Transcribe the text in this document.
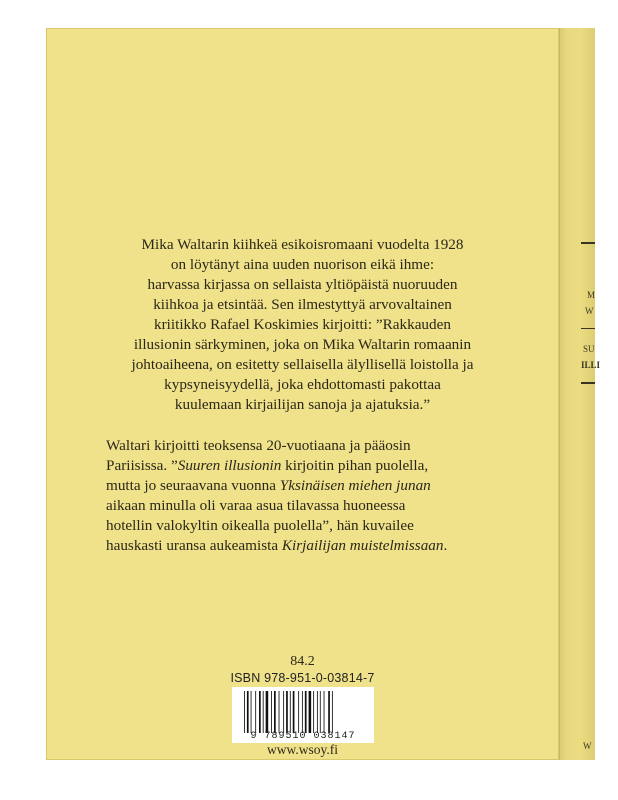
Mika Waltarin kiihkeä esikoisromaani vuodelta 1928
on löytänyt aina uuden nuorison eikä ihme:
harvassa kirjassa on sellaista yltiöpäistä nuoruuden
kiihkoa ja etsintää. Sen ilmestyttyä arvovaltainen
kriitikko Rafael Koskimies kirjoitti: ”Rakkauden
illusionin särkyminen, joka on Mika Waltarin romaanin
johtoaiheena, on esitetty sellaisella älyllisellä loistolla ja
kypsyneisyydellä, joka ehdottomasti pakottaa
kuulemaan kirjailijan sanoja ja ajatuksia.”
Waltari kirjoitti teoksensa 20-vuotiaana ja pääosin
Pariisissa. ”Suuren illusionin kirjoitin pihan puolella,
mutta jo seuraavana vuonna Yksinäisen miehen junan
aikaan minulla oli varaa asua tilavassa huoneessa
hotellin valokyltin oikealla puolella”, hän kuvailee
hauskasti uransa aukeamista Kirjailijan muistelmissaan.
84.2
ISBN 978-951-0-03814-7
9 789510 038147
www.wsoy.fi
M
W
SU
ILLI
W
